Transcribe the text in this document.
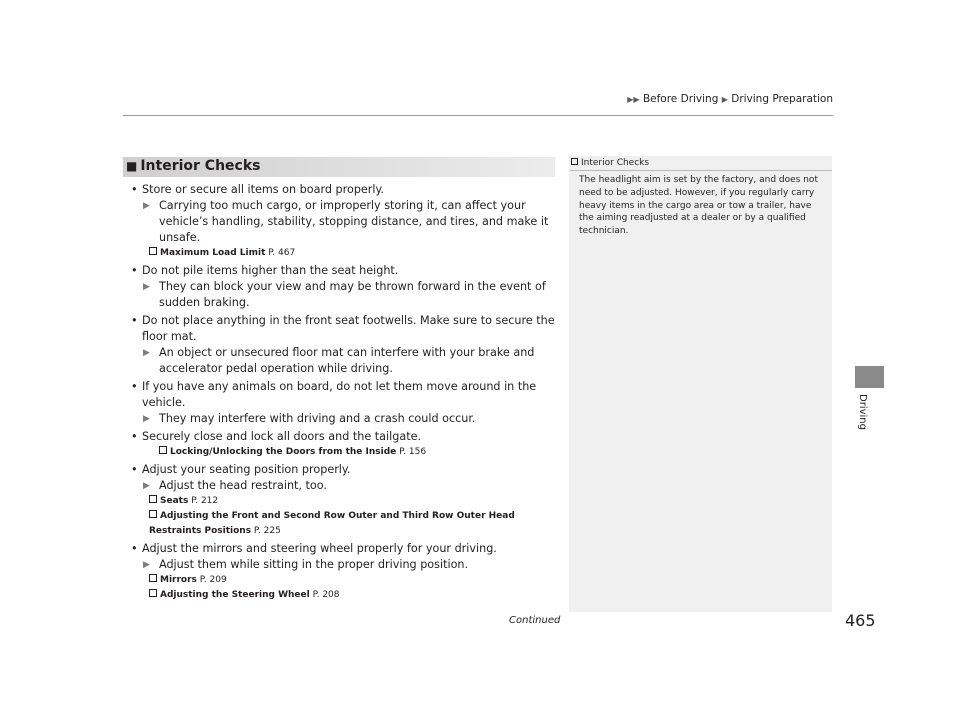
▶▶ Before Driving ▶ Driving Preparation
■ Interior Checks
• Store or secure all items on board properly.
▶ Carrying too much cargo, or improperly storing it, can affect your vehicle’s handling, stability, stopping distance, and tires, and make it unsafe.
Maximum Load Limit P. 467
• Do not pile items higher than the seat height.
▶ They can block your view and may be thrown forward in the event of sudden braking.
• Do not place anything in the front seat footwells. Make sure to secure the floor mat.
▶ An object or unsecured floor mat can interfere with your brake and accelerator pedal operation while driving.
• If you have any animals on board, do not let them move around in the vehicle.
▶ They may interfere with driving and a crash could occur.
• Securely close and lock all doors and the tailgate.
Locking/Unlocking the Doors from the Inside P. 156
• Adjust your seating position properly.
▶ Adjust the head restraint, too.
Seats P. 212
Adjusting the Front and Second Row Outer and Third Row Outer Head Restraints Positions P. 225
• Adjust the mirrors and steering wheel properly for your driving.
▶ Adjust them while sitting in the proper driving position.
Mirrors P. 209
Adjusting the Steering Wheel P. 208
Interior Checks
The headlight aim is set by the factory, and does not need to be adjusted. However, if you regularly carry heavy items in the cargo area or tow a trailer, have the aiming readjusted at a dealer or by a qualified technician.
Driving
Continued	465
